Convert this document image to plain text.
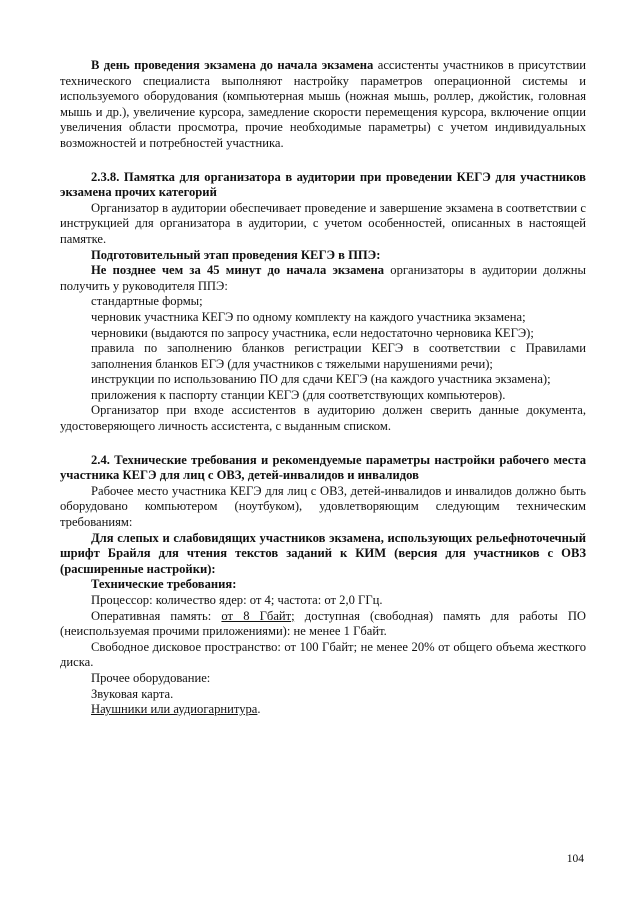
В день проведения экзамена до начала экзамена ассистенты участников в присутствии технического специалиста выполняют настройку параметров операционной системы и используемого оборудования (компьютерная мышь (ножная мышь, роллер, джойстик, головная мышь и др.), увеличение курсора, замедление скорости перемещения курсора, включение опции увеличения области просмотра, прочие необходимые параметры) с учетом индивидуальных возможностей и потребностей участника.

2.3.8. Памятка для организатора в аудитории при проведении КЕГЭ для участников экзамена прочих категорий

Организатор в аудитории обеспечивает проведение и завершение экзамена в соответствии с инструкцией для организатора в аудитории, с учетом особенностей, описанных в настоящей памятке.

Подготовительный этап проведения КЕГЭ в ППЭ:

Не позднее чем за 45 минут до начала экзамена организаторы в аудитории должны получить у руководителя ППЭ:

стандартные формы;

черновик участника КЕГЭ по одному комплекту на каждого участника экзамена;

черновики (выдаются по запросу участника, если недостаточно черновика КЕГЭ);

правила по заполнению бланков регистрации КЕГЭ в соответствии с Правилами заполнения бланков ЕГЭ (для участников с тяжелыми нарушениями речи);

инструкции по использованию ПО для сдачи КЕГЭ (на каждого участника экзамена);

приложения к паспорту станции КЕГЭ (для соответствующих компьютеров).

Организатор при входе ассистентов в аудиторию должен сверить данные документа, удостоверяющего личность ассистента, с выданным списком.

2.4. Технические требования и рекомендуемые параметры настройки рабочего места участника КЕГЭ для лиц с ОВЗ, детей-инвалидов и инвалидов

Рабочее место участника КЕГЭ для лиц с ОВЗ, детей-инвалидов и инвалидов должно быть оборудовано компьютером (ноутбуком), удовлетворяющим следующим техническим требованиям:

Для слепых и слабовидящих участников экзамена, использующих рельефноточечный шрифт Брайля для чтения текстов заданий к КИМ (версия для участников с ОВЗ (расширенные настройки):

Технические требования:

Процессор: количество ядер: от 4; частота: от 2,0 ГГц.

Оперативная память: от 8 Гбайт; доступная (свободная) память для работы ПО (неиспользуемая прочими приложениями): не менее 1 Гбайт.

Свободное дисковое пространство: от 100 Гбайт; не менее 20% от общего объема жесткого диска.

Прочее оборудование:

Звуковая карта.

Наушники или аудиогарнитура.

104
